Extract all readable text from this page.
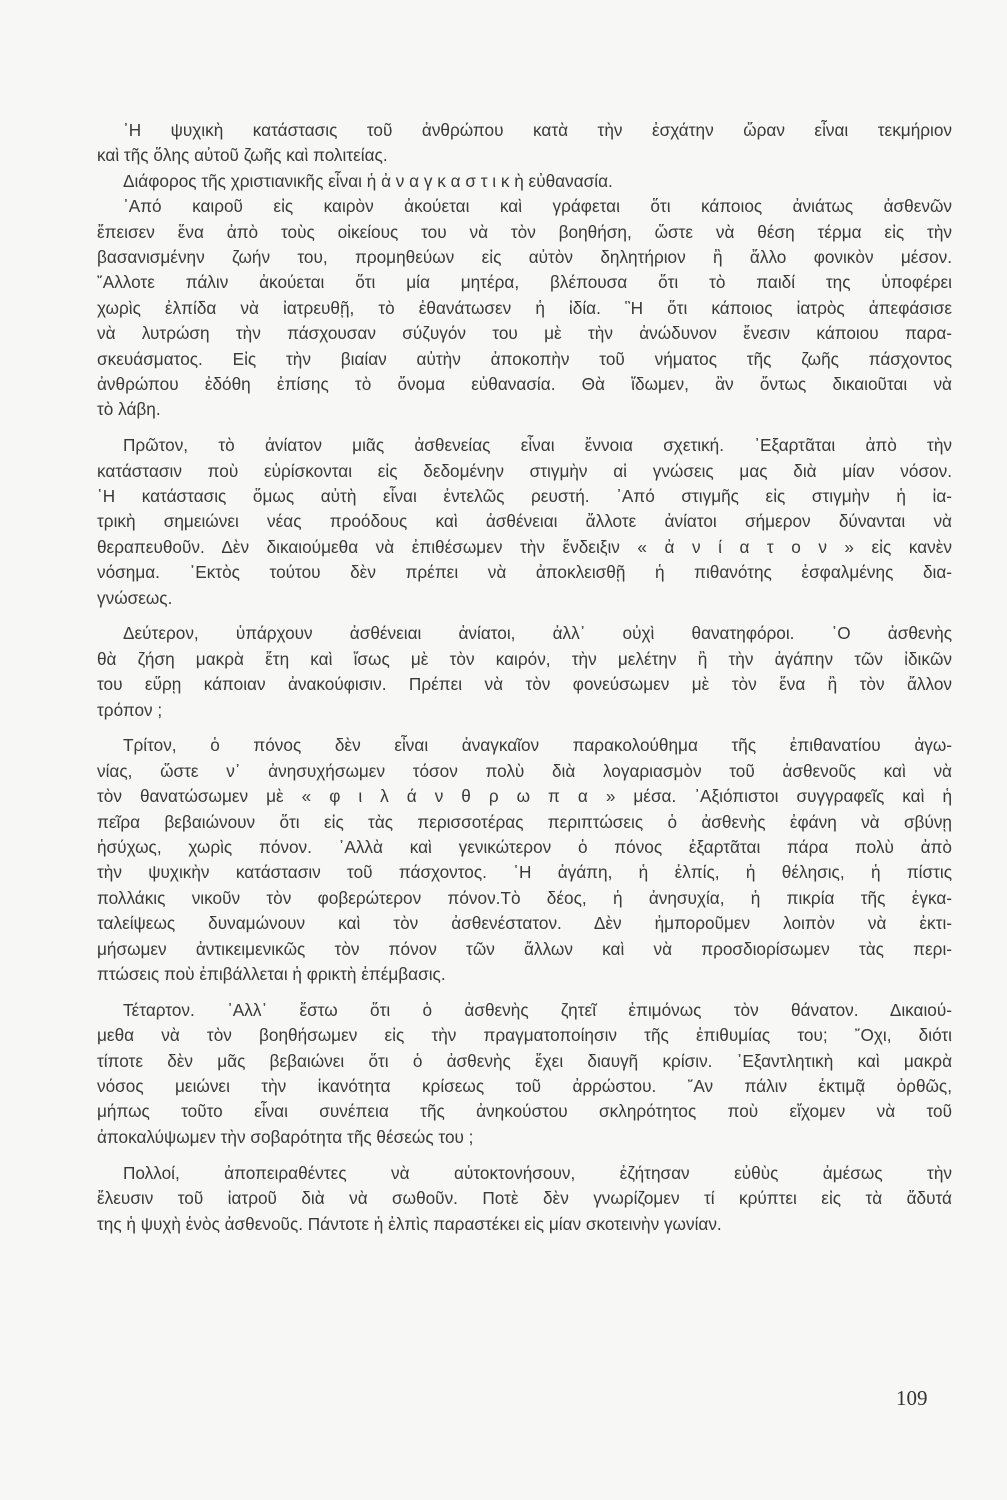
᾿Η ψυχικὴ κατάστασις τοῦ ἀνθρώπου κατὰ τὴν ἐσχάτην ὥραν εἶναι τεκμήριον
καὶ τῆς ὅλης αὐτοῦ ζωῆς καὶ πολιτείας.
Διάφορος τῆς χριστιανικῆς εἶναι ἡ ἀ ν α γ κ α σ τ ι κ ὴ εὐθανασία.
᾿Από καιροῦ εἰς καιρὸν ἀκούεται καὶ γράφεται ὅτι κάποιος ἀνιάτως ἀσθενῶν
ἔπεισεν ἕνα ἀπὸ τοὺς οἰκείους του νὰ τὸν βοηθήση, ὥστε νὰ θέση τέρμα εἰς τὴν
βασανισμένην ζωήν του, προμηθεύων εἰς αὐτὸν δηλητήριον ἢ ἄλλο φονικὸν μέσον.
῎Αλλοτε πάλιν ἀκούεται ὅτι μία μητέρα, βλέπουσα ὅτι τὸ παιδί της ὑποφέρει
χωρὶς ἐλπίδα νὰ ἰατρευθῇ, τὸ ἐθανάτωσεν ἡ ἰδία. ῝Η ὅτι κάποιος ἰατρὸς ἀπεφάσισε
νὰ λυτρώση τὴν πάσχουσαν σύζυγόν του μὲ τὴν ἀνώδυνον ἔνεσιν κάποιου παρα-
σκευάσματος. Εἰς τὴν βιαίαν αὐτὴν ἀποκοπὴν τοῦ νήματος τῆς ζωῆς πάσχοντος
ἀνθρώπου ἐδόθη ἐπίσης τὸ ὄνομα εὐθανασία. Θὰ ἴδωμεν, ἂν ὄντως δικαιοῦται νὰ
τὸ λάβη.
Πρῶτον, τὸ ἀνίατον μιᾶς ἀσθενείας εἶναι ἔννοια σχετική. ᾿Εξαρτᾶται ἀπὸ τὴν
κατάστασιν ποὺ εὑρίσκονται εἰς δεδομένην στιγμὴν αἱ γνώσεις μας διὰ μίαν νόσον.
῾Η κατάστασις ὅμως αὐτὴ εἶναι ἐντελῶς ρευστή. ᾿Από στιγμῆς εἰς στιγμὴν ἡ ἰα-
τρικὴ σημειώνει νέας προόδους καὶ ἀσθένειαι ἄλλοτε ἀνίατοι σήμερον δύνανται νὰ
θεραπευθοῦν. Δὲν δικαιούμεθα νὰ ἐπιθέσωμεν τὴν ἔνδειξιν « ἀ ν ί α τ ο ν » εἰς κανὲν
νόσημα. ᾿Εκτὸς τούτου δὲν πρέπει νὰ ἀποκλεισθῇ ἡ πιθανότης ἐσφαλμένης δια-
γνώσεως.
Δεύτερον, ὑπάρχουν ἀσθένειαι ἀνίατοι, ἀλλ᾿ οὐχὶ θανατηφόροι. ῾Ο ἀσθενὴς
θὰ ζήση μακρὰ ἔτη καὶ ἴσως μὲ τὸν καιρόν, τὴν μελέτην ἢ τὴν ἀγάπην τῶν ἰδικῶν
του εὕρῃ κάποιαν ἀνακούφισιν. Πρέπει νὰ τὸν φονεύσωμεν μὲ τὸν ἕνα ἢ τὸν ἄλλον
τρόπον ;
Τρίτον, ὁ πόνος δὲν εἶναι ἀναγκαῖον παρακολούθημα τῆς ἐπιθανατίου ἀγω-
νίας, ὥστε ν᾿ ἀνησυχήσωμεν τόσον πολὺ διὰ λογαριασμὸν τοῦ ἀσθενοῦς καὶ νὰ
τὸν θανατώσωμεν μὲ « φ ι λ ά ν θ ρ ω π α » μέσα. ᾿Αξιόπιστοι συγγραφεῖς καὶ ἡ
πεῖρα βεβαιώνουν ὅτι εἰς τὰς περισσοτέρας περιπτώσεις ὁ ἀσθενὴς ἐφάνη νὰ σβύνῃ
ἡσύχως, χωρὶς πόνον. ᾿Αλλὰ καὶ γενικώτερον ὁ πόνος ἐξαρτᾶται πάρα πολὺ ἀπὸ
τὴν ψυχικὴν κατάστασιν τοῦ πάσχοντος. ῾Η ἀγάπη, ἡ ἐλπίς, ἡ θέλησις, ἡ πίστις
πολλάκις νικοῦν τὸν φοβερώτερον πόνον.Τὸ δέος, ἡ ἀνησυχία, ἡ πικρία τῆς ἐγκα-
ταλείψεως δυναμώνουν καὶ τὸν ἀσθενέστατον. Δὲν ἠμποροῦμεν λοιπὸν νὰ ἐκτι-
μήσωμεν ἀντικειμενικῶς τὸν πόνον τῶν ἄλλων καὶ νὰ προσδιορίσωμεν τὰς περι-
πτώσεις ποὺ ἐπιβάλλεται ἡ φρικτὴ ἐπέμβασις.
Τέταρτον. ᾿Αλλ᾿ ἔστω ὅτι ὁ ἀσθενὴς ζητεῖ ἐπιμόνως τὸν θάνατον. Δικαιού-
μεθα νὰ τὸν βοηθήσωμεν εἰς τὴν πραγματοποίησιν τῆς ἐπιθυμίας του; ῎Οχι, διότι
τίποτε δὲν μᾶς βεβαιώνει ὅτι ὁ ἀσθενὴς ἔχει διαυγῆ κρίσιν. ᾿Εξαντλητικὴ καὶ μακρὰ
νόσος μειώνει τὴν ἱκανότητα κρίσεως τοῦ ἀρρώστου. ῎Αν πάλιν ἐκτιμᾷ ὀρθῶς,
μήπως τοῦτο εἶναι συνέπεια τῆς ἀνηκούστου σκληρότητος ποὺ εἴχομεν νὰ τοῦ
ἀποκαλύψωμεν τὴν σοβαρότητα τῆς θέσεώς του ;
Πολλοί, ἀποπειραθέντες νὰ αὐτοκτονήσουν, ἐζήτησαν εὐθὺς ἀμέσως τὴν
ἔλευσιν τοῦ ἰατροῦ διὰ νὰ σωθοῦν. Ποτὲ δὲν γνωρίζομεν τί κρύπτει εἰς τὰ ἄδυτά
της ἡ ψυχὴ ἑνὸς ἀσθενοῦς. Πάντοτε ἡ ἐλπὶς παραστέκει εἰς μίαν σκοτεινὴν γωνίαν.
109
